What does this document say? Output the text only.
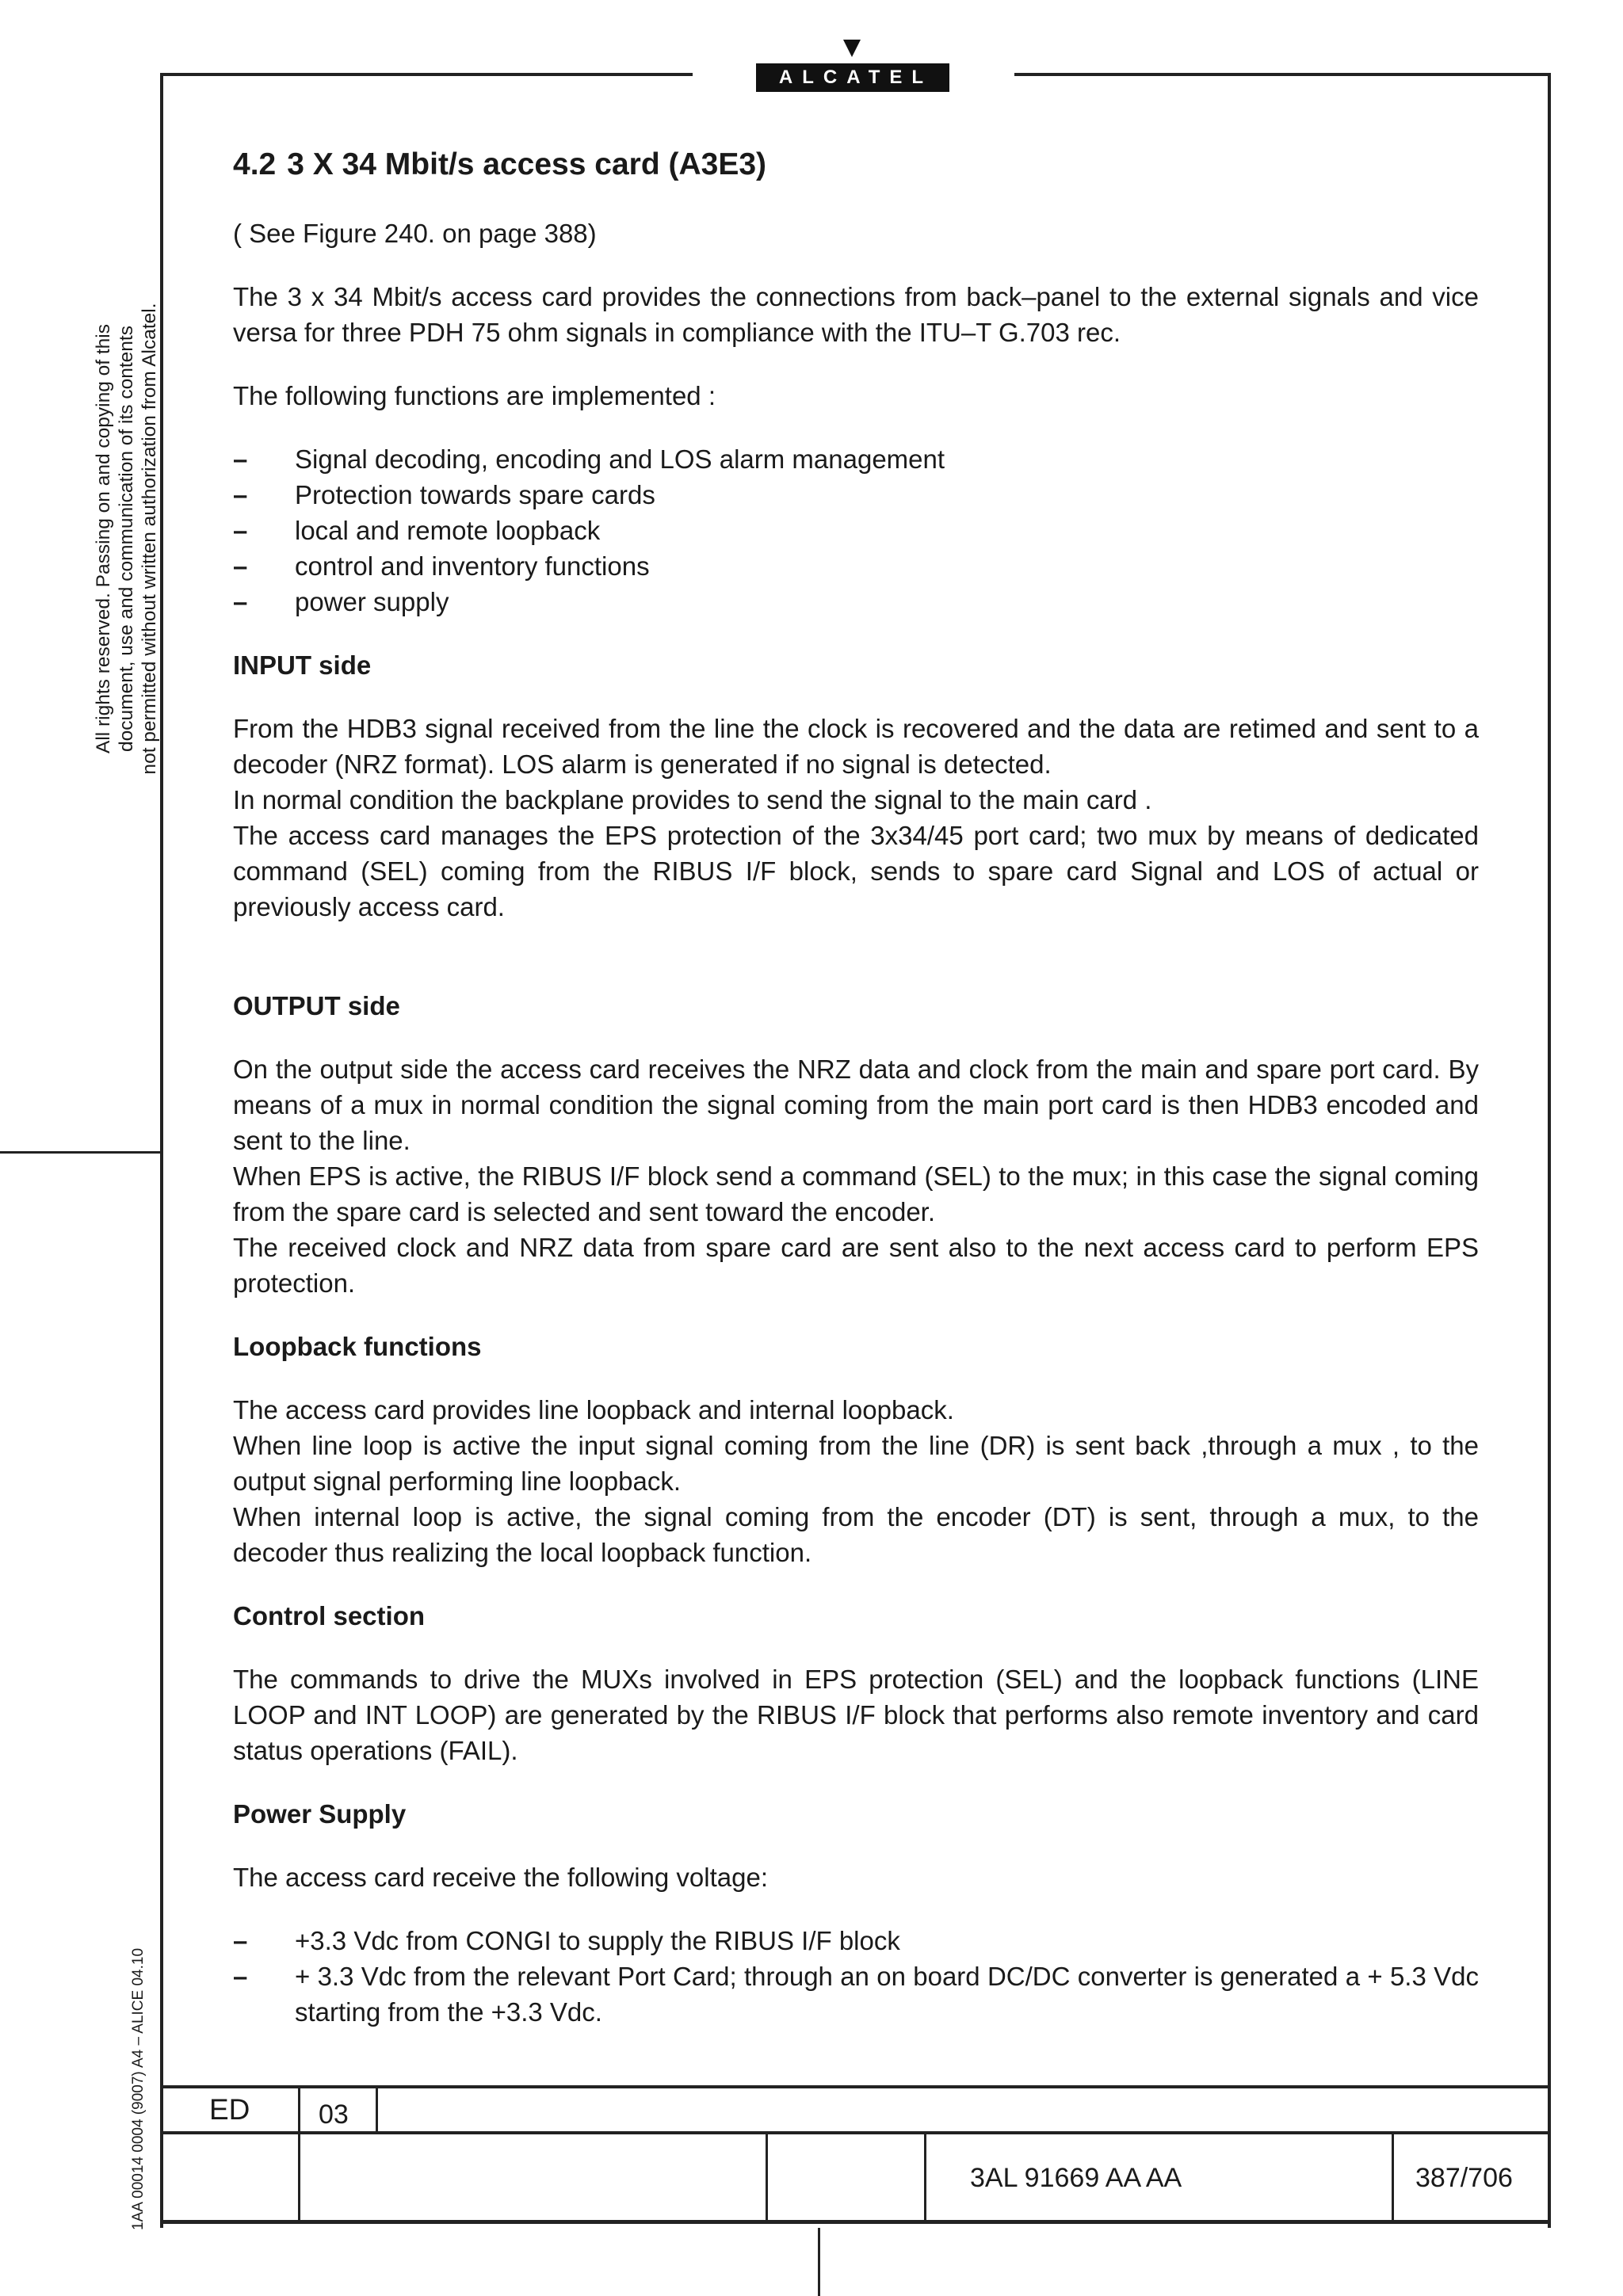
ALCATEL
All rights reserved. Passing on and copying of this document, use and communication of its contents not permitted without written authorization from Alcatel.
1AA 00014 0004 (9007) A4 – ALICE 04.10
4.2 3 X 34 Mbit/s access card (A3E3)

( See Figure 240. on page 388)

The 3 x 34 Mbit/s access card provides the connections from back–panel to the external signals and vice versa for three PDH 75 ohm signals in compliance with the ITU–T G.703 rec.

The following functions are implemented :

–	Signal decoding, encoding and LOS alarm management
–	Protection towards spare cards
–	local and remote loopback
–	control and inventory functions
–	power supply

INPUT side

From the HDB3 signal received from the line the clock is recovered and the data are retimed and sent to a decoder (NRZ format). LOS alarm is generated if no signal is detected.

In normal condition the backplane provides to send the signal to the main card .

The access card manages the EPS protection of the 3x34/45 port card; two mux by means of dedicated command (SEL) coming from the RIBUS I/F block, sends to spare card Signal and LOS of actual or previously access card.

OUTPUT side

On the output side the access card receives the NRZ data and clock from the main and spare port card. By means of a mux in normal condition the signal coming from the main port card is then HDB3 encoded and sent to the line.

When EPS is active, the RIBUS I/F block send a command (SEL) to the mux; in this case the signal coming from the spare card is selected and sent toward the encoder.

The received clock and NRZ data from spare card are sent also to the next access card to perform EPS protection.

Loopback functions

The access card provides line loopback and internal loopback.

When line loop is active the input signal coming from the line (DR) is sent back ,through a mux , to the output signal performing line loopback.

When internal loop is active, the signal coming from the encoder (DT) is sent, through a mux, to the decoder thus realizing the local loopback function.

Control section

The commands to drive the MUXs involved in EPS protection (SEL) and the loopback functions (LINE LOOP and INT LOOP) are generated by the RIBUS I/F block that performs also remote inventory and card status operations (FAIL).

Power Supply

The access card receive the following voltage:

–	+3.3 Vdc from CONGI to supply the RIBUS I/F block
–	+ 3.3 Vdc from the relevant Port Card; through an on board DC/DC converter is generated a + 5.3 Vdc starting from the +3.3 Vdc.
ED	03
3AL 91669 AA AA	387/706
